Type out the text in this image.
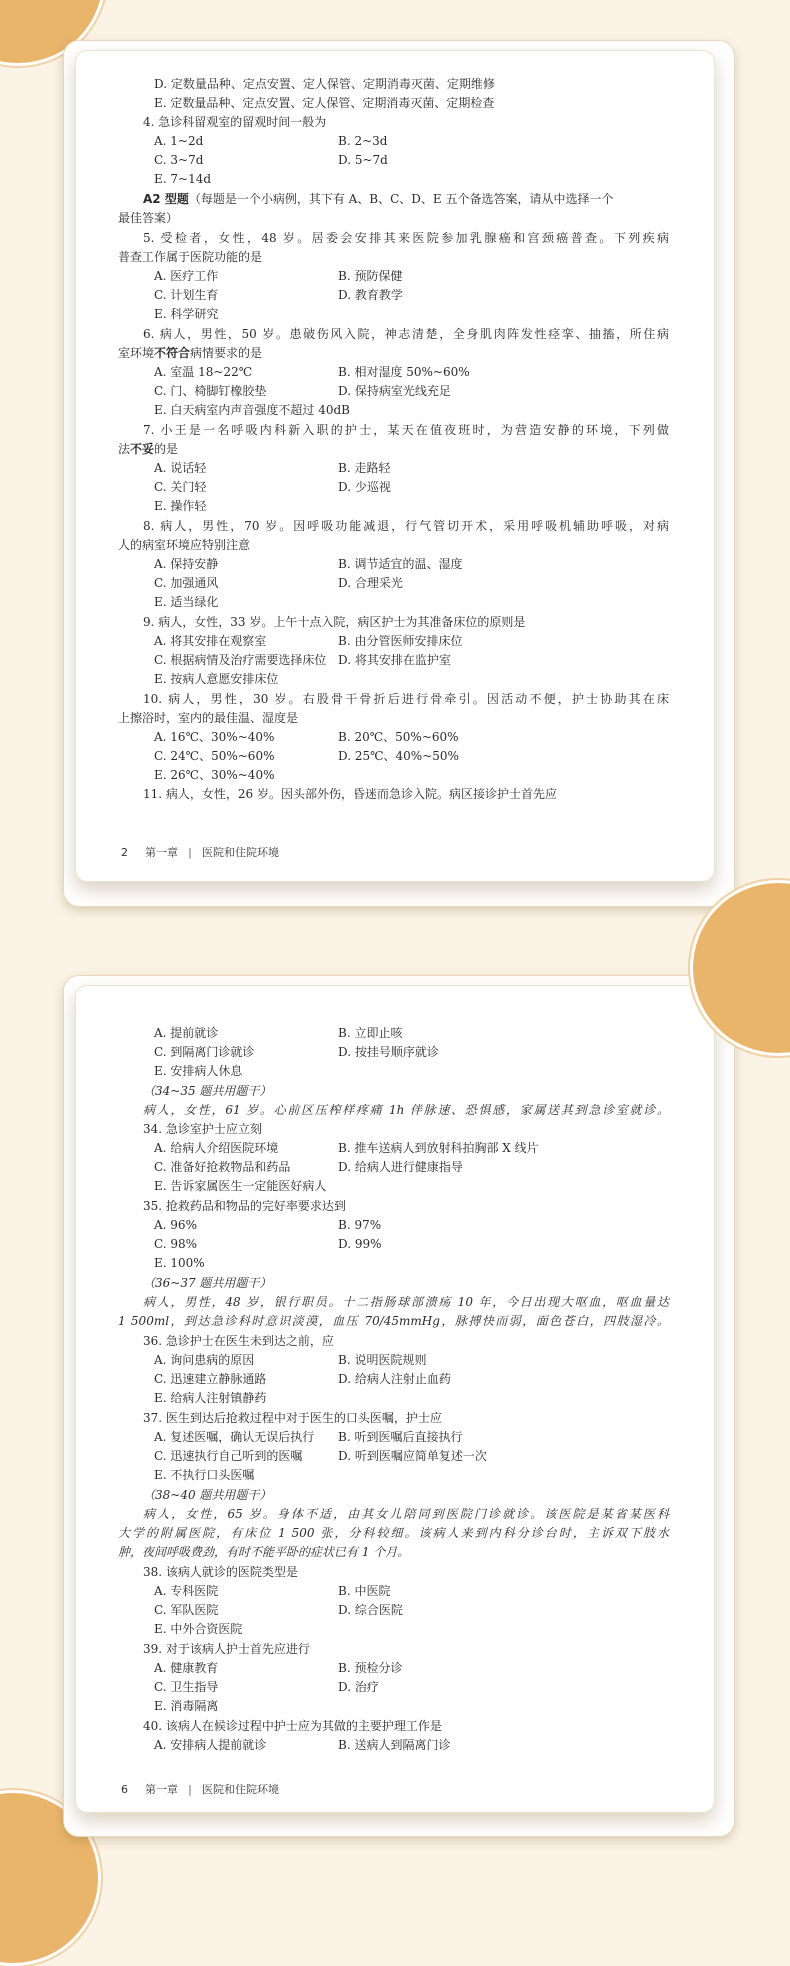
D. 定数量品种、定点安置、定人保管、定期消毒灭菌、定期维修
E. 定数量品种、定点安置、定人保管、定期消毒灭菌、定期检查
4. 急诊科留观室的留观时间一般为
A. 1~2d	B. 2~3d
C. 3~7d	D. 5~7d
E. 7~14d
A2 型题（每题是一个小病例，其下有 A、B、C、D、E 五个备选答案，请从中选择一个
最佳答案）
5. 受检者，女性，48 岁。居委会安排其来医院参加乳腺癌和宫颈癌普查。下列疾病
普查工作属于医院功能的是
A. 医疗工作	B. 预防保健
C. 计划生育	D. 教育教学
E. 科学研究
6. 病人，男性，50 岁。患破伤风入院，神志清楚，全身肌肉阵发性痉挛、抽搐，所住病
室环境不符合病情要求的是
A. 室温 18~22℃	B. 相对湿度 50%~60%
C. 门、椅脚钉橡胶垫	D. 保持病室光线充足
E. 白天病室内声音强度不超过 40dB
7. 小王是一名呼吸内科新入职的护士，某天在值夜班时，为营造安静的环境，下列做
法不妥的是
A. 说话轻	B. 走路轻
C. 关门轻	D. 少巡视
E. 操作轻
8. 病人，男性，70 岁。因呼吸功能减退，行气管切开术，采用呼吸机辅助呼吸，对病
人的病室环境应特别注意
A. 保持安静	B. 调节适宜的温、湿度
C. 加强通风	D. 合理采光
E. 适当绿化
9. 病人，女性，33 岁。上午十点入院，病区护士为其准备床位的原则是
A. 将其安排在观察室	B. 由分管医师安排床位
C. 根据病情及治疗需要选择床位 D. 将其安排在监护室
E. 按病人意愿安排床位
10. 病人，男性，30 岁。右股骨干骨折后进行骨牵引。因活动不便，护士协助其在床
上擦浴时，室内的最佳温、湿度是
A. 16℃、30%~40%	B. 20℃、50%~60%
C. 24℃、50%~60%	D. 25℃、40%~50%
E. 26℃、30%~40%
11. 病人，女性，26 岁。因头部外伤，昏迷而急诊入院。病区接诊护士首先应
2 第一章 | 医院和住院环境
A. 提前就诊	B. 立即止咳
C. 到隔离门诊就诊	D. 按挂号顺序就诊
E. 安排病人休息
（34~35 题共用题干）
病人，女性，61 岁。心前区压榨样疼痛 1h 伴脉速、恐惧感，家属送其到急诊室就诊。
34. 急诊室护士应立刻
A. 给病人介绍医院环境	B. 推车送病人到放射科拍胸部 X 线片
C. 准备好抢救物品和药品	D. 给病人进行健康指导
E. 告诉家属医生一定能医好病人
35. 抢救药品和物品的完好率要求达到
A. 96%	B. 97%
C. 98%	D. 99%
E. 100%
（36~37 题共用题干）
病人，男性，48 岁，银行职员。十二指肠球部溃疡 10 年，今日出现大呕血，呕血量达
1 500ml，到达急诊科时意识淡漠，血压 70/45mmHg，脉搏快而弱，面色苍白，四肢湿冷。
36. 急诊护士在医生未到达之前，应
A. 询问患病的原因	B. 说明医院规则
C. 迅速建立静脉通路	D. 给病人注射止血药
E. 给病人注射镇静药
37. 医生到达后抢救过程中对于医生的口头医嘱，护士应
A. 复述医嘱，确认无误后执行 B. 听到医嘱后直接执行
C. 迅速执行自己听到的医嘱	D. 听到医嘱应简单复述一次
E. 不执行口头医嘱
（38~40 题共用题干）
病人，女性，65 岁。身体不适，由其女儿陪同到医院门诊就诊。该医院是某省某医科
大学的附属医院，有床位 1 500 张，分科较细。该病人来到内科分诊台时，主诉双下肢水
肿，夜间呼吸费劲，有时不能平卧的症状已有 1 个月。
38. 该病人就诊的医院类型是
A. 专科医院	B. 中医院
C. 军队医院	D. 综合医院
E. 中外合资医院
39. 对于该病人护士首先应进行
A. 健康教育	B. 预检分诊
C. 卫生指导	D. 治疗
E. 消毒隔离
40. 该病人在候诊过程中护士应为其做的主要护理工作是
A. 安排病人提前就诊	B. 送病人到隔离门诊
6 第一章 | 医院和住院环境
